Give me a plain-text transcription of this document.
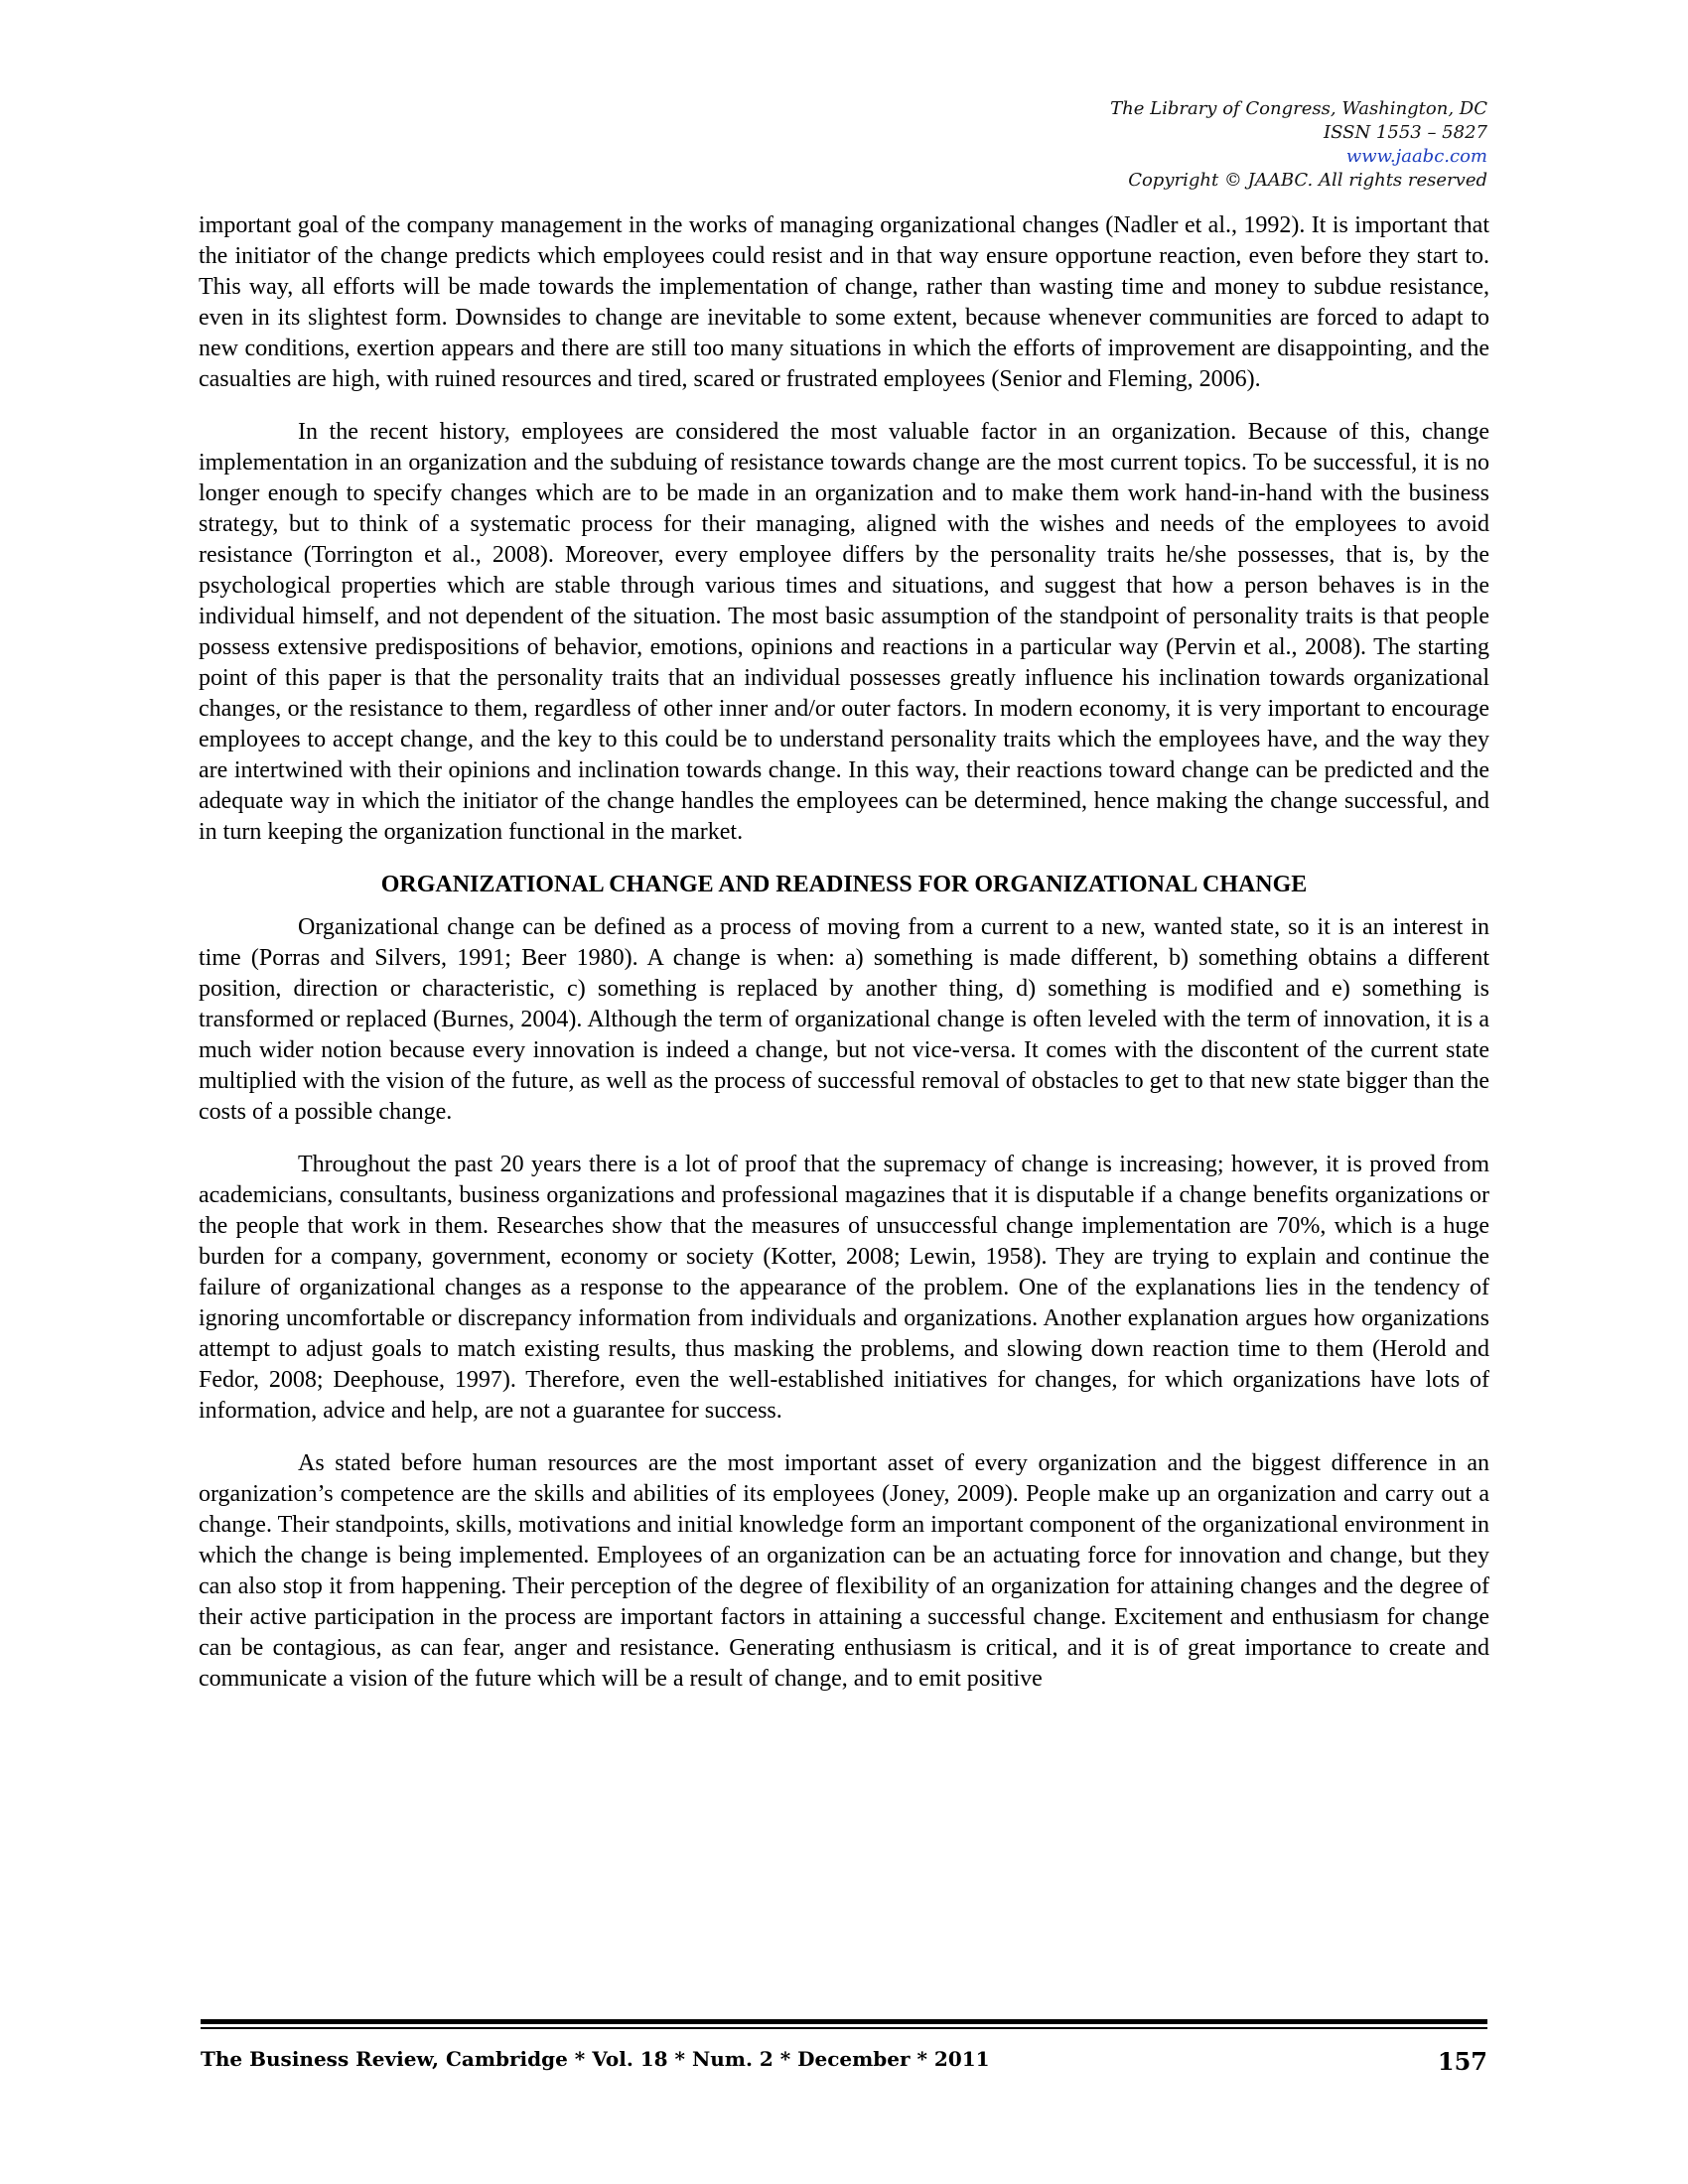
The Library of Congress, Washington, DC
ISSN 1553 – 5827
www.jaabc.com
Copyright © JAABC. All rights reserved

important goal of the company management in the works of managing organizational changes (Nadler et al., 1992). It is important that the initiator of the change predicts which employees could resist and in that way ensure opportune reaction, even before they start to. This way, all efforts will be made towards the implementation of change, rather than wasting time and money to subdue resistance, even in its slightest form. Downsides to change are inevitable to some extent, because whenever communities are forced to adapt to new conditions, exertion appears and there are still too many situations in which the efforts of improvement are disappointing, and the casualties are high, with ruined resources and tired, scared or frustrated employees (Senior and Fleming, 2006).

In the recent history, employees are considered the most valuable factor in an organization. Because of this, change implementation in an organization and the subduing of resistance towards change are the most current topics. To be successful, it is no longer enough to specify changes which are to be made in an organization and to make them work hand-in-hand with the business strategy, but to think of a systematic process for their managing, aligned with the wishes and needs of the employees to avoid resistance (Torrington et al., 2008). Moreover, every employee differs by the personality traits he/she possesses, that is, by the psychological properties which are stable through various times and situations, and suggest that how a person behaves is in the individual himself, and not dependent of the situation. The most basic assumption of the standpoint of personality traits is that people possess extensive predispositions of behavior, emotions, opinions and reactions in a particular way (Pervin et al., 2008). The starting point of this paper is that the personality traits that an individual possesses greatly influence his inclination towards organizational changes, or the resistance to them, regardless of other inner and/or outer factors. In modern economy, it is very important to encourage employees to accept change, and the key to this could be to understand personality traits which the employees have, and the way they are intertwined with their opinions and inclination towards change. In this way, their reactions toward change can be predicted and the adequate way in which the initiator of the change handles the employees can be determined, hence making the change successful, and in turn keeping the organization functional in the market.

ORGANIZATIONAL CHANGE AND READINESS FOR ORGANIZATIONAL CHANGE

Organizational change can be defined as a process of moving from a current to a new, wanted state, so it is an interest in time (Porras and Silvers, 1991; Beer 1980). A change is when: a) something is made different, b) something obtains a different position, direction or characteristic, c) something is replaced by another thing, d) something is modified and e) something is transformed or replaced (Burnes, 2004). Although the term of organizational change is often leveled with the term of innovation, it is a much wider notion because every innovation is indeed a change, but not vice-versa. It comes with the discontent of the current state multiplied with the vision of the future, as well as the process of successful removal of obstacles to get to that new state bigger than the costs of a possible change.

Throughout the past 20 years there is a lot of proof that the supremacy of change is increasing; however, it is proved from academicians, consultants, business organizations and professional magazines that it is disputable if a change benefits organizations or the people that work in them. Researches show that the measures of unsuccessful change implementation are 70%, which is a huge burden for a company, government, economy or society (Kotter, 2008; Lewin, 1958). They are trying to explain and continue the failure of organizational changes as a response to the appearance of the problem. One of the explanations lies in the tendency of ignoring uncomfortable or discrepancy information from individuals and organizations. Another explanation argues how organizations attempt to adjust goals to match existing results, thus masking the problems, and slowing down reaction time to them (Herold and Fedor, 2008; Deephouse, 1997). Therefore, even the well-established initiatives for changes, for which organizations have lots of information, advice and help, are not a guarantee for success.

As stated before human resources are the most important asset of every organization and the biggest difference in an organization’s competence are the skills and abilities of its employees (Joney, 2009). People make up an organization and carry out a change. Their standpoints, skills, motivations and initial knowledge form an important component of the organizational environment in which the change is being implemented. Employees of an organization can be an actuating force for innovation and change, but they can also stop it from happening. Their perception of the degree of flexibility of an organization for attaining changes and the degree of their active participation in the process are important factors in attaining a successful change. Excitement and enthusiasm for change can be contagious, as can fear, anger and resistance. Generating enthusiasm is critical, and it is of great importance to create and communicate a vision of the future which will be a result of change, and to emit positive

The Business Review, Cambridge * Vol. 18 * Num. 2 * December * 2011	157
